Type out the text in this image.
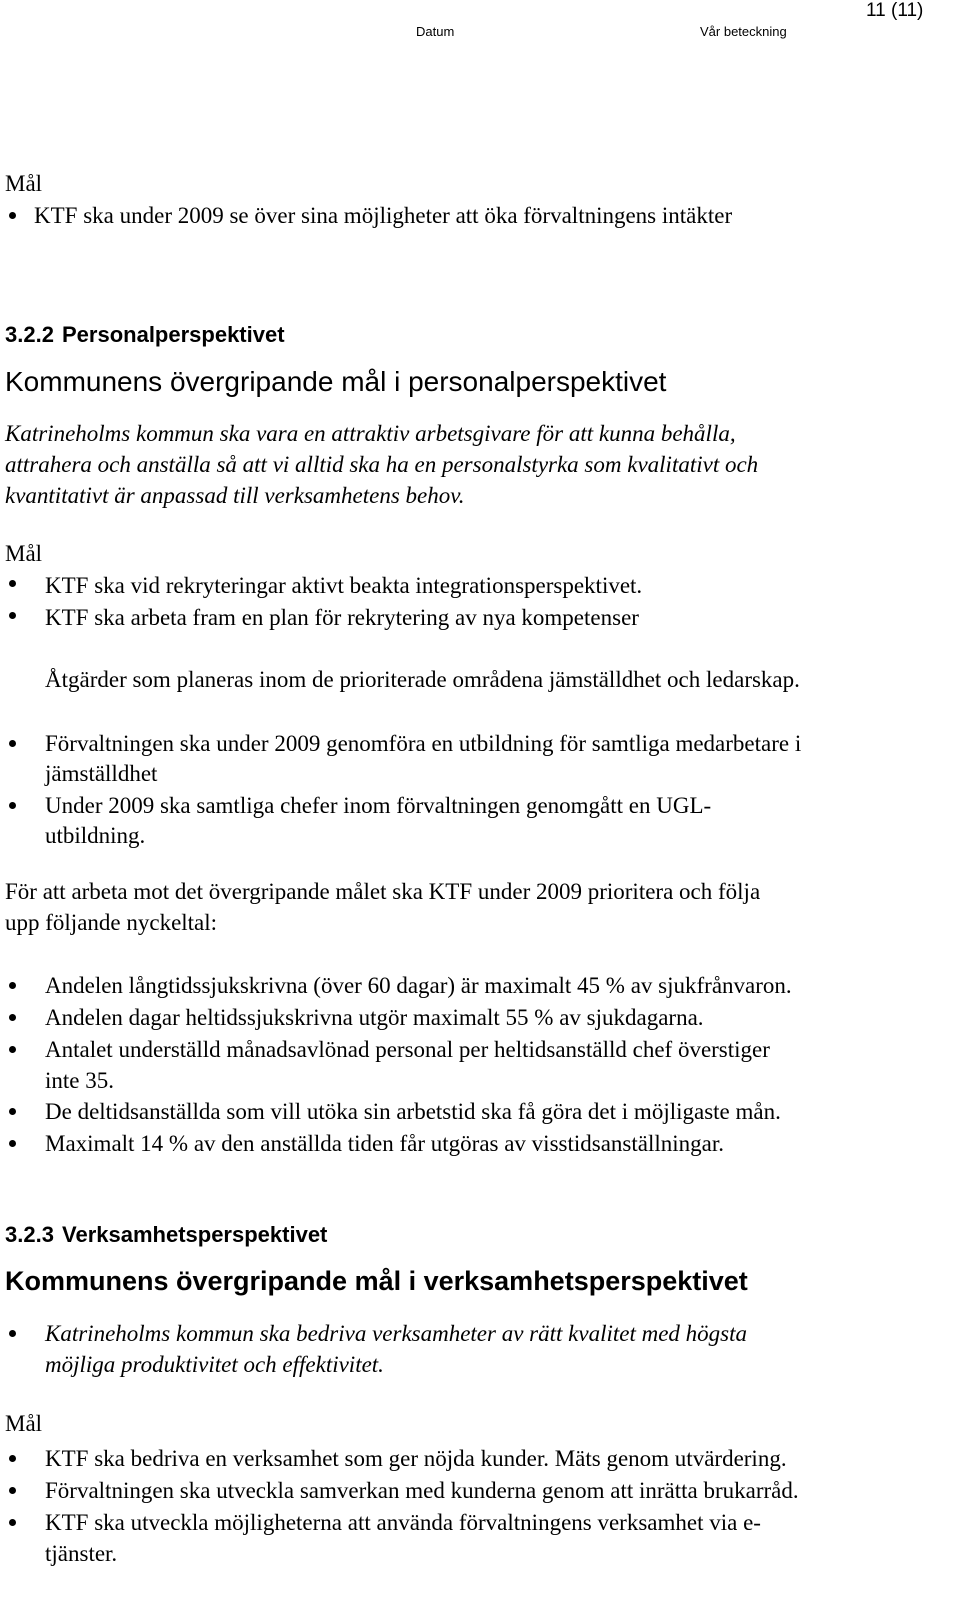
Datum	Vår beteckning
11 (11)
Mål
KTF ska under 2009 se över sina möjligheter att öka förvaltningens intäkter
3.2.2 Personalperspektivet
Kommunens övergripande mål i personalperspektivet
Katrineholms kommun ska vara en attraktiv arbetsgivare för att kunna behålla,
attrahera och anställa så att vi alltid ska ha en personalstyrka som kvalitativt och
kvantitativt är anpassad till verksamhetens behov.
Mål
KTF ska vid rekryteringar aktivt beakta integrationsperspektivet.
KTF ska arbeta fram en plan för rekrytering av nya kompetenser
Åtgärder som planeras inom de prioriterade områdena jämställdhet och ledarskap.
Förvaltningen ska under 2009 genomföra en utbildning för samtliga medarbetare i
jämställdhet
Under 2009 ska samtliga chefer inom förvaltningen genomgått en UGL-
utbildning.
För att arbeta mot det övergripande målet ska KTF under 2009 prioritera och följa
upp följande nyckeltal:
Andelen långtidssjukskrivna (över 60 dagar) är maximalt 45 % av sjukfrånvaron.
Andelen dagar heltidssjukskrivna utgör maximalt 55 % av sjukdagarna.
Antalet underställd månadsavlönad personal per heltidsanställd chef överstiger
inte 35.
De deltidsanställda som vill utöka sin arbetstid ska få göra det i möjligaste mån.
Maximalt 14 % av den anställda tiden får utgöras av visstidsanställningar.
3.2.3 Verksamhetsperspektivet
Kommunens övergripande mål i verksamhetsperspektivet
Katrineholms kommun ska bedriva verksamheter av rätt kvalitet med högsta
möjliga produktivitet och effektivitet.
Mål
KTF ska bedriva en verksamhet som ger nöjda kunder. Mäts genom utvärdering.
Förvaltningen ska utveckla samverkan med kunderna genom att inrätta brukarråd.
KTF ska utveckla möjligheterna att använda förvaltningens verksamhet via e-
tjänster.
